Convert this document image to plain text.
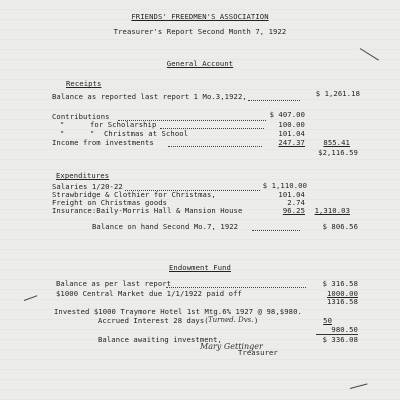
FRIENDS' FREEDMEN'S ASSOCIATION
Treasurer's Report Second Month 7, 1922
General Account
Receipts
Balance as reported last report 1 Mo.3,1922,	$ 1,261.18
Contributions	$ 407.00
"	for Scholarship	100.00
"	" Christmas at School	101.04
Income from investments	247.37	855.41
$2,116.59
Expenditures
Salaries 1/20-22	$ 1,110.00
Strawbridge & Clothier for Christmas,	101.04
Freight on Christmas goods	2.74
Insurance:Baily-Morris Hall & Mansion House	96.25	1,310.03
Balance on hand Second Mo.7, 1922	$ 806.56
Endowment Fund
Balance as per last report	$ 316.58
$1000 Central Market due 1/1/1922 paid off	1000.00
1316.58
Invested $1000 Traymore Hotel 1st Mtg.6% 1927 @ 98,$980.
Accrued Interest 28 days( Turned. Dvs. )	50
980.50
Balance awaiting investment,	$ 336.08
Mary Gettinger
Treasurer
